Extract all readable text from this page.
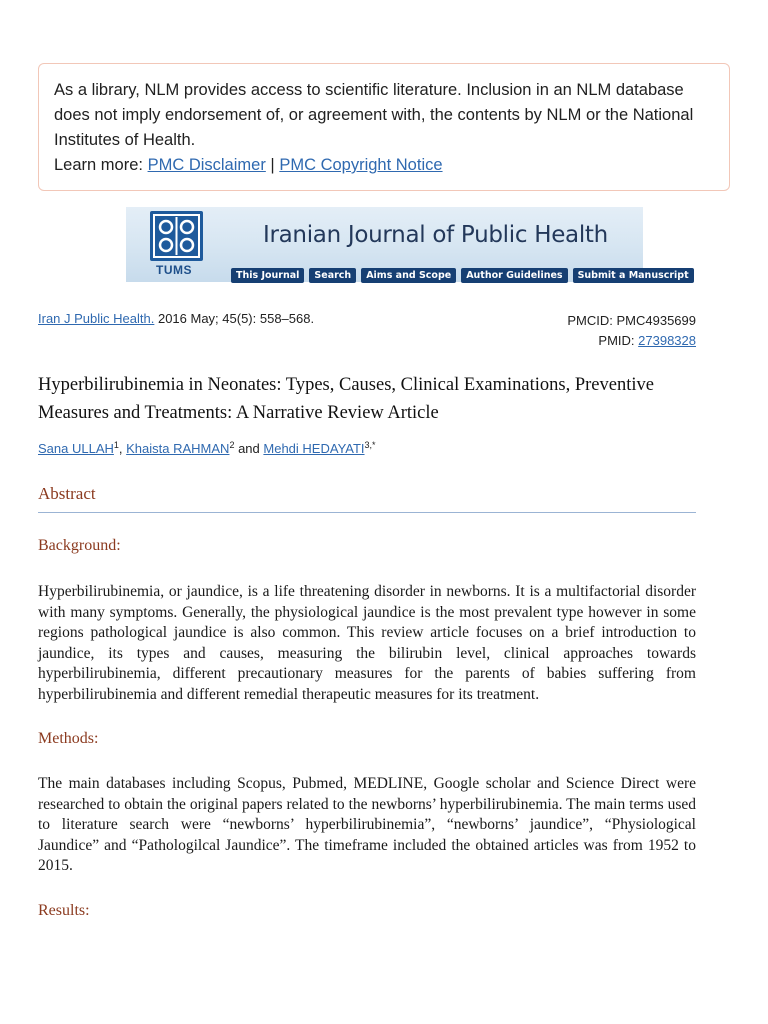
As a library, NLM provides access to scientific literature. Inclusion in an NLM database does not imply endorsement of, or agreement with, the contents by NLM or the National Institutes of Health.
Learn more: PMC Disclaimer | PMC Copyright Notice
TUMS
Iranian Journal of Public Health
This Journal Search Aims and Scope Author Guidelines Submit a Manuscript
Iran J Public Health. 2016 May; 45(5): 558–568.	PMCID: PMC4935699
PMID: 27398328
Hyperbilirubinemia in Neonates: Types, Causes, Clinical Examinations, Preventive Measures and Treatments: A Narrative Review Article
Sana ULLAH$^1$, Khaista RAHMAN$^2$ and Mehdi $HEDAYATI^{3,*}$
Abstract
Background:
Hyperbilirubinemia, or jaundice, is a life threatening disorder in newborns. It is a multifactorial disorder with many symptoms. Generally, the physiological jaundice is the most prevalent type however in some regions pathological jaundice is also common. This review article focuses on a brief introduction to jaundice, its types and causes, measuring the bilirubin level, clinical approaches towards hyperbilirubinemia, different precautionary measures for the parents of babies suffering from hyperbilirubinemia and different remedial therapeutic measures for its treatment.
Methods:
The main databases including Scopus, Pubmed, MEDLINE, Google scholar and Science Direct were researched to obtain the original papers related to the newborns’ hyperbilirubinemia. The main terms used to literature search were “newborns’ hyperbilirubinemia”, “newborns’ jaundice”, “Physiological Jaundice” and “Pathologilcal Jaundice”. The timeframe included the obtained articles was from 1952 to 2015.
Results:
